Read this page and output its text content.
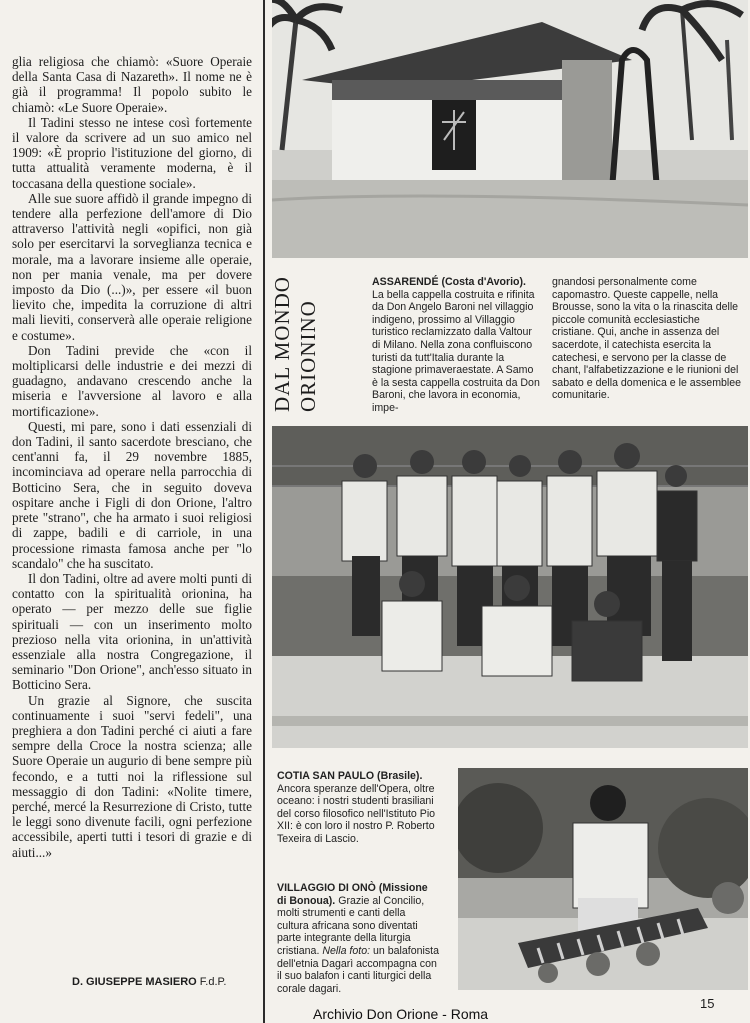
glia religiosa che chiamò: «Suore Operaie della Santa Casa di Nazareth». Il nome ne è già il programma! Il popolo subito le chiamò: «Le Suore Operaie».

Il Tadini stesso ne intese così fortemente il valore da scrivere ad un suo amico nel 1909: «È proprio l'istituzione del giorno, di tutta attualità veramente moderna, è il toccasana della questione sociale».

Alle sue suore affidò il grande impegno di tendere alla perfezione dell'amore di Dio attraverso l'attività negli «opifici, non già solo per esercitarvi la sorveglianza tecnica e morale, ma a lavorare insieme alle operaie, non per mania venale, ma per dovere imposto da Dio (...)», per essere «il buon lievito che, impedita la corruzione di altri mali lieviti, conserverà alle operaie religione e costume».

Don Tadini previde che «con il moltiplicarsi delle industrie e dei mezzi di guadagno, andavano crescendo anche la miseria e l'avversione al lavoro e alla mortificazione».

Questi, mi pare, sono i dati essenziali di don Tadini, il santo sacerdote bresciano, che cent'anni fa, il 29 novembre 1885, incominciava ad operare nella parrocchia di Botticino Sera, che in seguito doveva ospitare anche i Figli di don Orione, l'altro prete "strano", che ha armato i suoi religiosi di zappe, badili e di carriole, in una processione rimasta famosa anche per "lo scandalo" che ha suscitato.

Il don Tadini, oltre ad avere molti punti di contatto con la spiritualità orionina, ha operato — per mezzo delle sue figlie spirituali — con un inserimento molto prezioso nella vita orionina, in un'attività essenziale alla nostra Congregazione, il seminario "Don Orione", anch'esso situato in Botticino Sera.

Un grazie al Signore, che suscita continuamente i suoi "servi fedeli", una preghiera a don Tadini perché ci aiuti a fare sempre della Croce la nostra scienza; alle Suore Operaie un augurio di bene sempre più fecondo, e a tutti noi la riflessione sul messaggio di don Tadini: «Nolite timere, perché, mercé la Resurrezione di Cristo, tutte le leggi sono divenute facili, ogni perfezione accessibile, aperti tutti i tesori di grazie e di aiuti...»

D. GIUSEPPE MASIERO F.d.P.
DAL MONDO ORIONINO
ASSARENDÉ (Costa d'Avorio). La bella cappella costruita e rifinita da Don Angelo Baroni nel villaggio indigeno, prossimo al Villaggio turistico reclamizzato dalla Valtour di Milano. Nella zona confluiscono turisti da tutt'Italia durante la stagione primaveraestate. A Samo è la sesta cappella costruita da Don Baroni, che lavora in economia, impe-
gnandosi personalmente come capomastro. Queste cappelle, nella Brousse, sono la vita o la rinascita delle piccole comunità ecclesiastiche cristiane. Qui, anche in assenza del sacerdote, il catechista esercita la catechesi, e servono per la classe de chant, l'alfabetizzazione e le riunioni del sabato e della domenica e le assemblee comunitarie.
COTIA SAN PAULO (Brasile). Ancora speranze dell'Opera, oltre oceano: i nostri studenti brasiliani del corso filosofico nell'Istituto Pio XII: è con loro il nostro P. Roberto Texeira di Lascio.
VILLAGGIO DI ONÒ (Missione di Bonoua). Grazie al Concilio, molti strumenti e canti della cultura africana sono diventati parte integrante della liturgia cristiana. Nella foto: un balafonista dell'etnia Dagarì accompagna con il suo balafon i canti liturgici della corale dagari.
15
Archivio Don Orione - Roma
